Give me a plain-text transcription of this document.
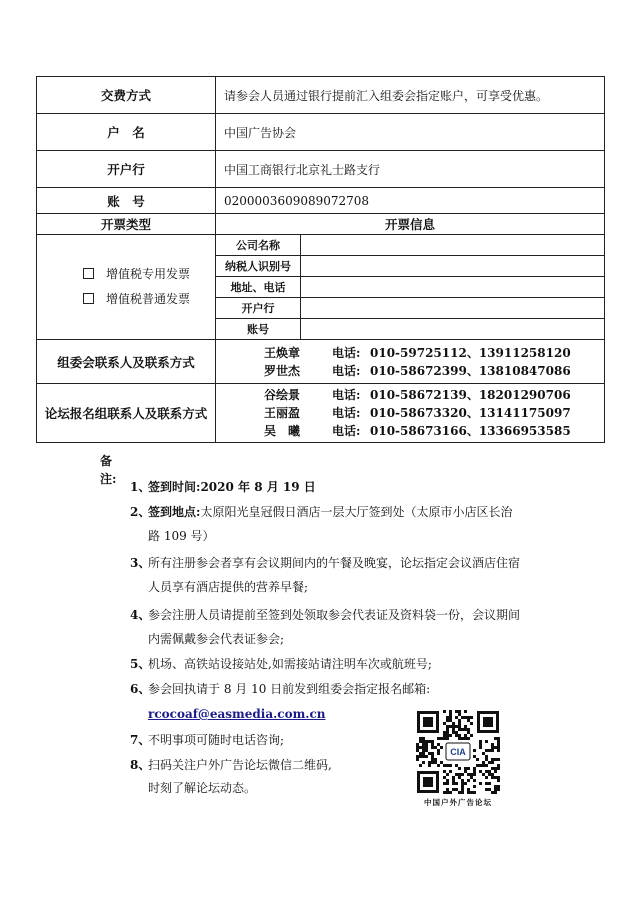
交费方式	请参会人员通过银行提前汇入组委会指定账户，可享受优惠。	
户　名	中国广告协会	
开户行	中国工商银行北京礼士路支行	
账　号	0200003609089072708	
开票类型	开票信息	

增值税专用发票
增值税普通发票	公司名称	
	纳税人识别号	
	地址、电话	
	开户行	
	账号	
组委会联系人及联系方式	王焕章 电话: 010-59725112、13911258120
罗世杰 电话: 010-58672399、13810847086	

论坛报名组联系人及联系方式	谷绘景 电话: 010-58672139、18201290706
王丽盈 电话: 010-58673320、13141175097
吴　曦 电话: 010-58673166、13366953585	
备注:
1、
签到时间:2020 年 8 月 19 日
2、
签到地点:太原阳光皇冠假日酒店一层大厅签到处（太原市小店区长治
路 109 号）
3、
所有注册参会者享有会议期间内的午餐及晚宴，论坛指定会议酒店住宿
人员享有酒店提供的营养早餐;
4、
参会注册人员请提前至签到处领取参会代表证及资料袋一份，会议期间
内需佩戴参会代表证参会;
5、
机场、高铁站设接站处,如需接站请注明车次或航班号;
6、
参会回执请于 8 月 10 日前发到组委会指定报名邮箱:
rcocoaf@easmedia.com.cn
7、
不明事项可随时电话咨询;
8、
扫码关注户外广告论坛微信二维码,
时刻了解论坛动态。
CIA
中国户外广告论坛
